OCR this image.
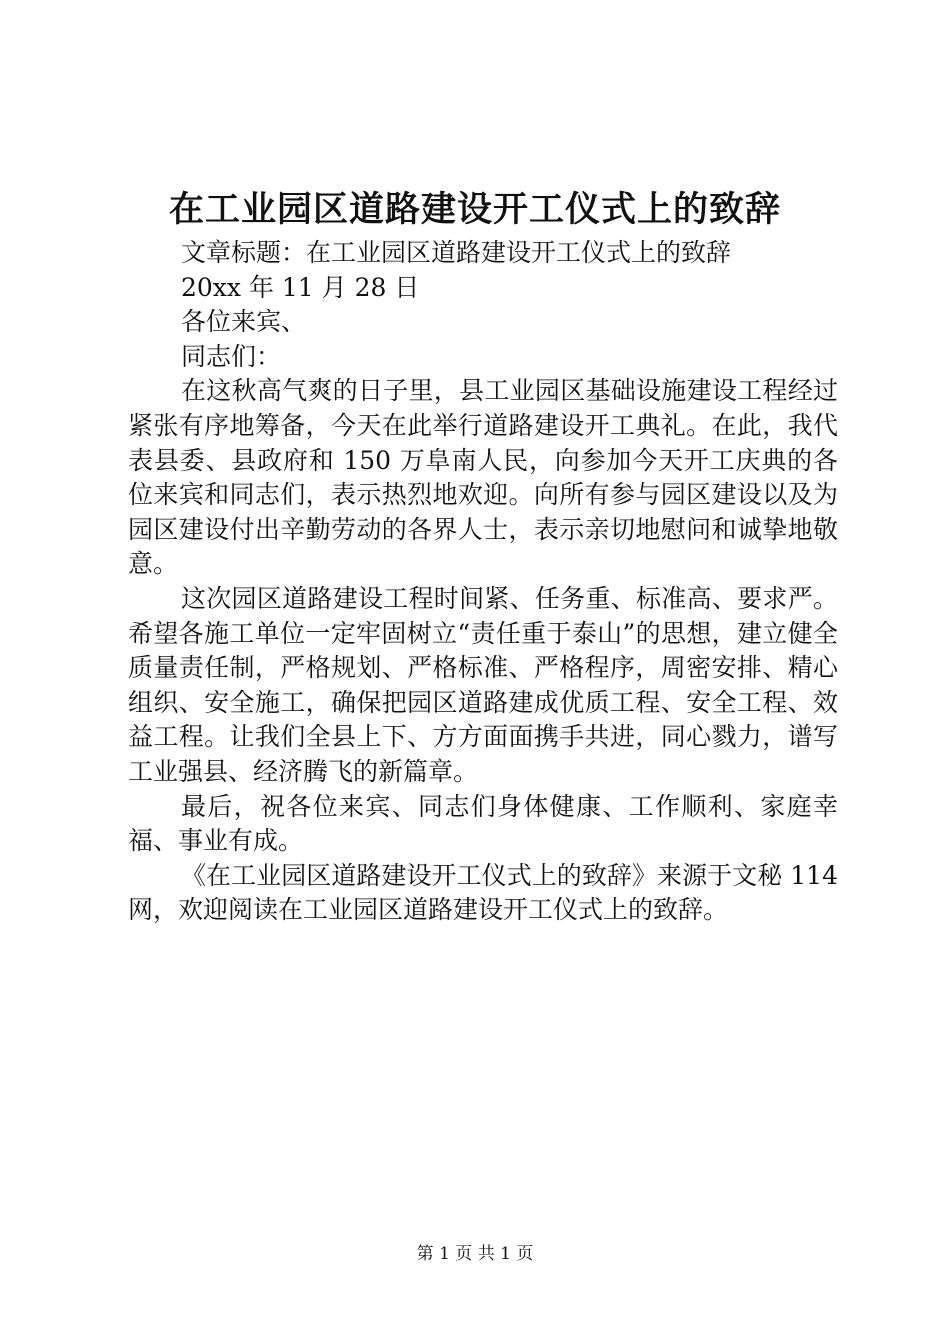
在工业园区道路建设开工仪式上的致辞

文章标题：在工业园区道路建设开工仪式上的致辞

20xx 年 11 月 28 日

各位来宾、

同志们：

在这秋高气爽的日子里，县工业园区基础设施建设工程经过紧张有序地筹备，今天在此举行道路建设开工典礼。在此，我代表县委、县政府和 150 万阜南人民，向参加今天开工庆典的各位来宾和同志们，表示热烈地欢迎。向所有参与园区建设以及为园区建设付出辛勤劳动的各界人士，表示亲切地慰问和诚挚地敬意。

这次园区道路建设工程时间紧、任务重、标准高、要求严。希望各施工单位一定牢固树立“责任重于泰山”的思想，建立健全质量责任制，严格规划、严格标准、严格程序，周密安排、精心组织、安全施工，确保把园区道路建成优质工程、安全工程、效益工程。让我们全县上下、方方面面携手共进，同心戮力，谱写工业强县、经济腾飞的新篇章。

最后，祝各位来宾、同志们身体健康、工作顺利、家庭幸福、事业有成。

《在工业园区道路建设开工仪式上的致辞》来源于文秘 114 网，欢迎阅读在工业园区道路建设开工仪式上的致辞。

第 1 页 共 1 页
